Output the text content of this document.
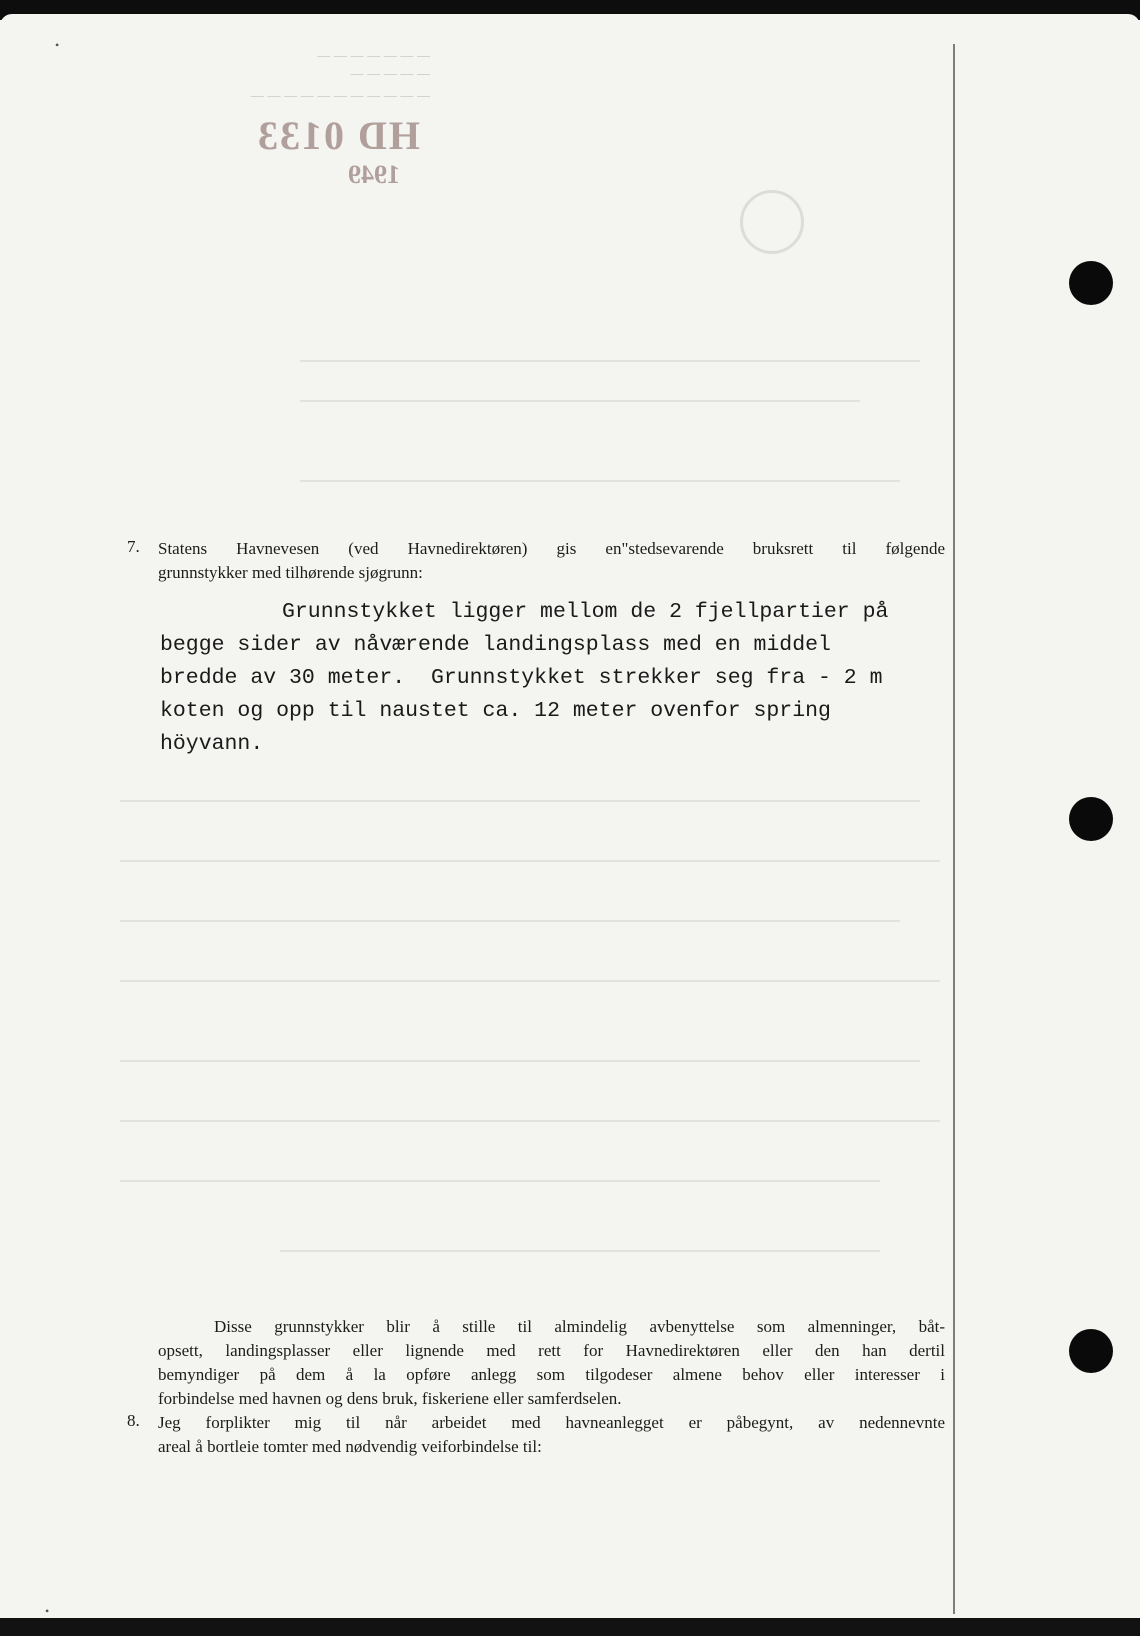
— — — — — — —
— — — — —
— — — — — — — — — — —
HD 0133
1949
7. Statens Havnevesen (ved Havnedirektøren) gis en"stedsevarende bruksrett til følgende
grunnstykker med tilhørende sjøgrunn:
Grunnstykket ligger mellom de 2 fjellpartier på
begge sider av nåværende landingsplass med en middel
bredde av 30 meter.  Grunnstykket strekker seg fra - 2 m
koten og opp til naustet ca. 12 meter ovenfor spring
höyvann.
Disse grunnstykker blir å stille til almindelig avbenyttelse som almenninger, båt-
opsett, landingsplasser eller lignende med rett for Havnedirektøren eller den han dertil
bemyndiger på dem å la opføre anlegg som tilgodeser almene behov eller interesser i
forbindelse med havnen og dens bruk, fiskeriene eller samferdselen.
8. Jeg forplikter mig til når arbeidet med havneanlegget er påbegynt, av nedennevnte
areal å bortleie tomter med nødvendig veiforbindelse til:
•
•
